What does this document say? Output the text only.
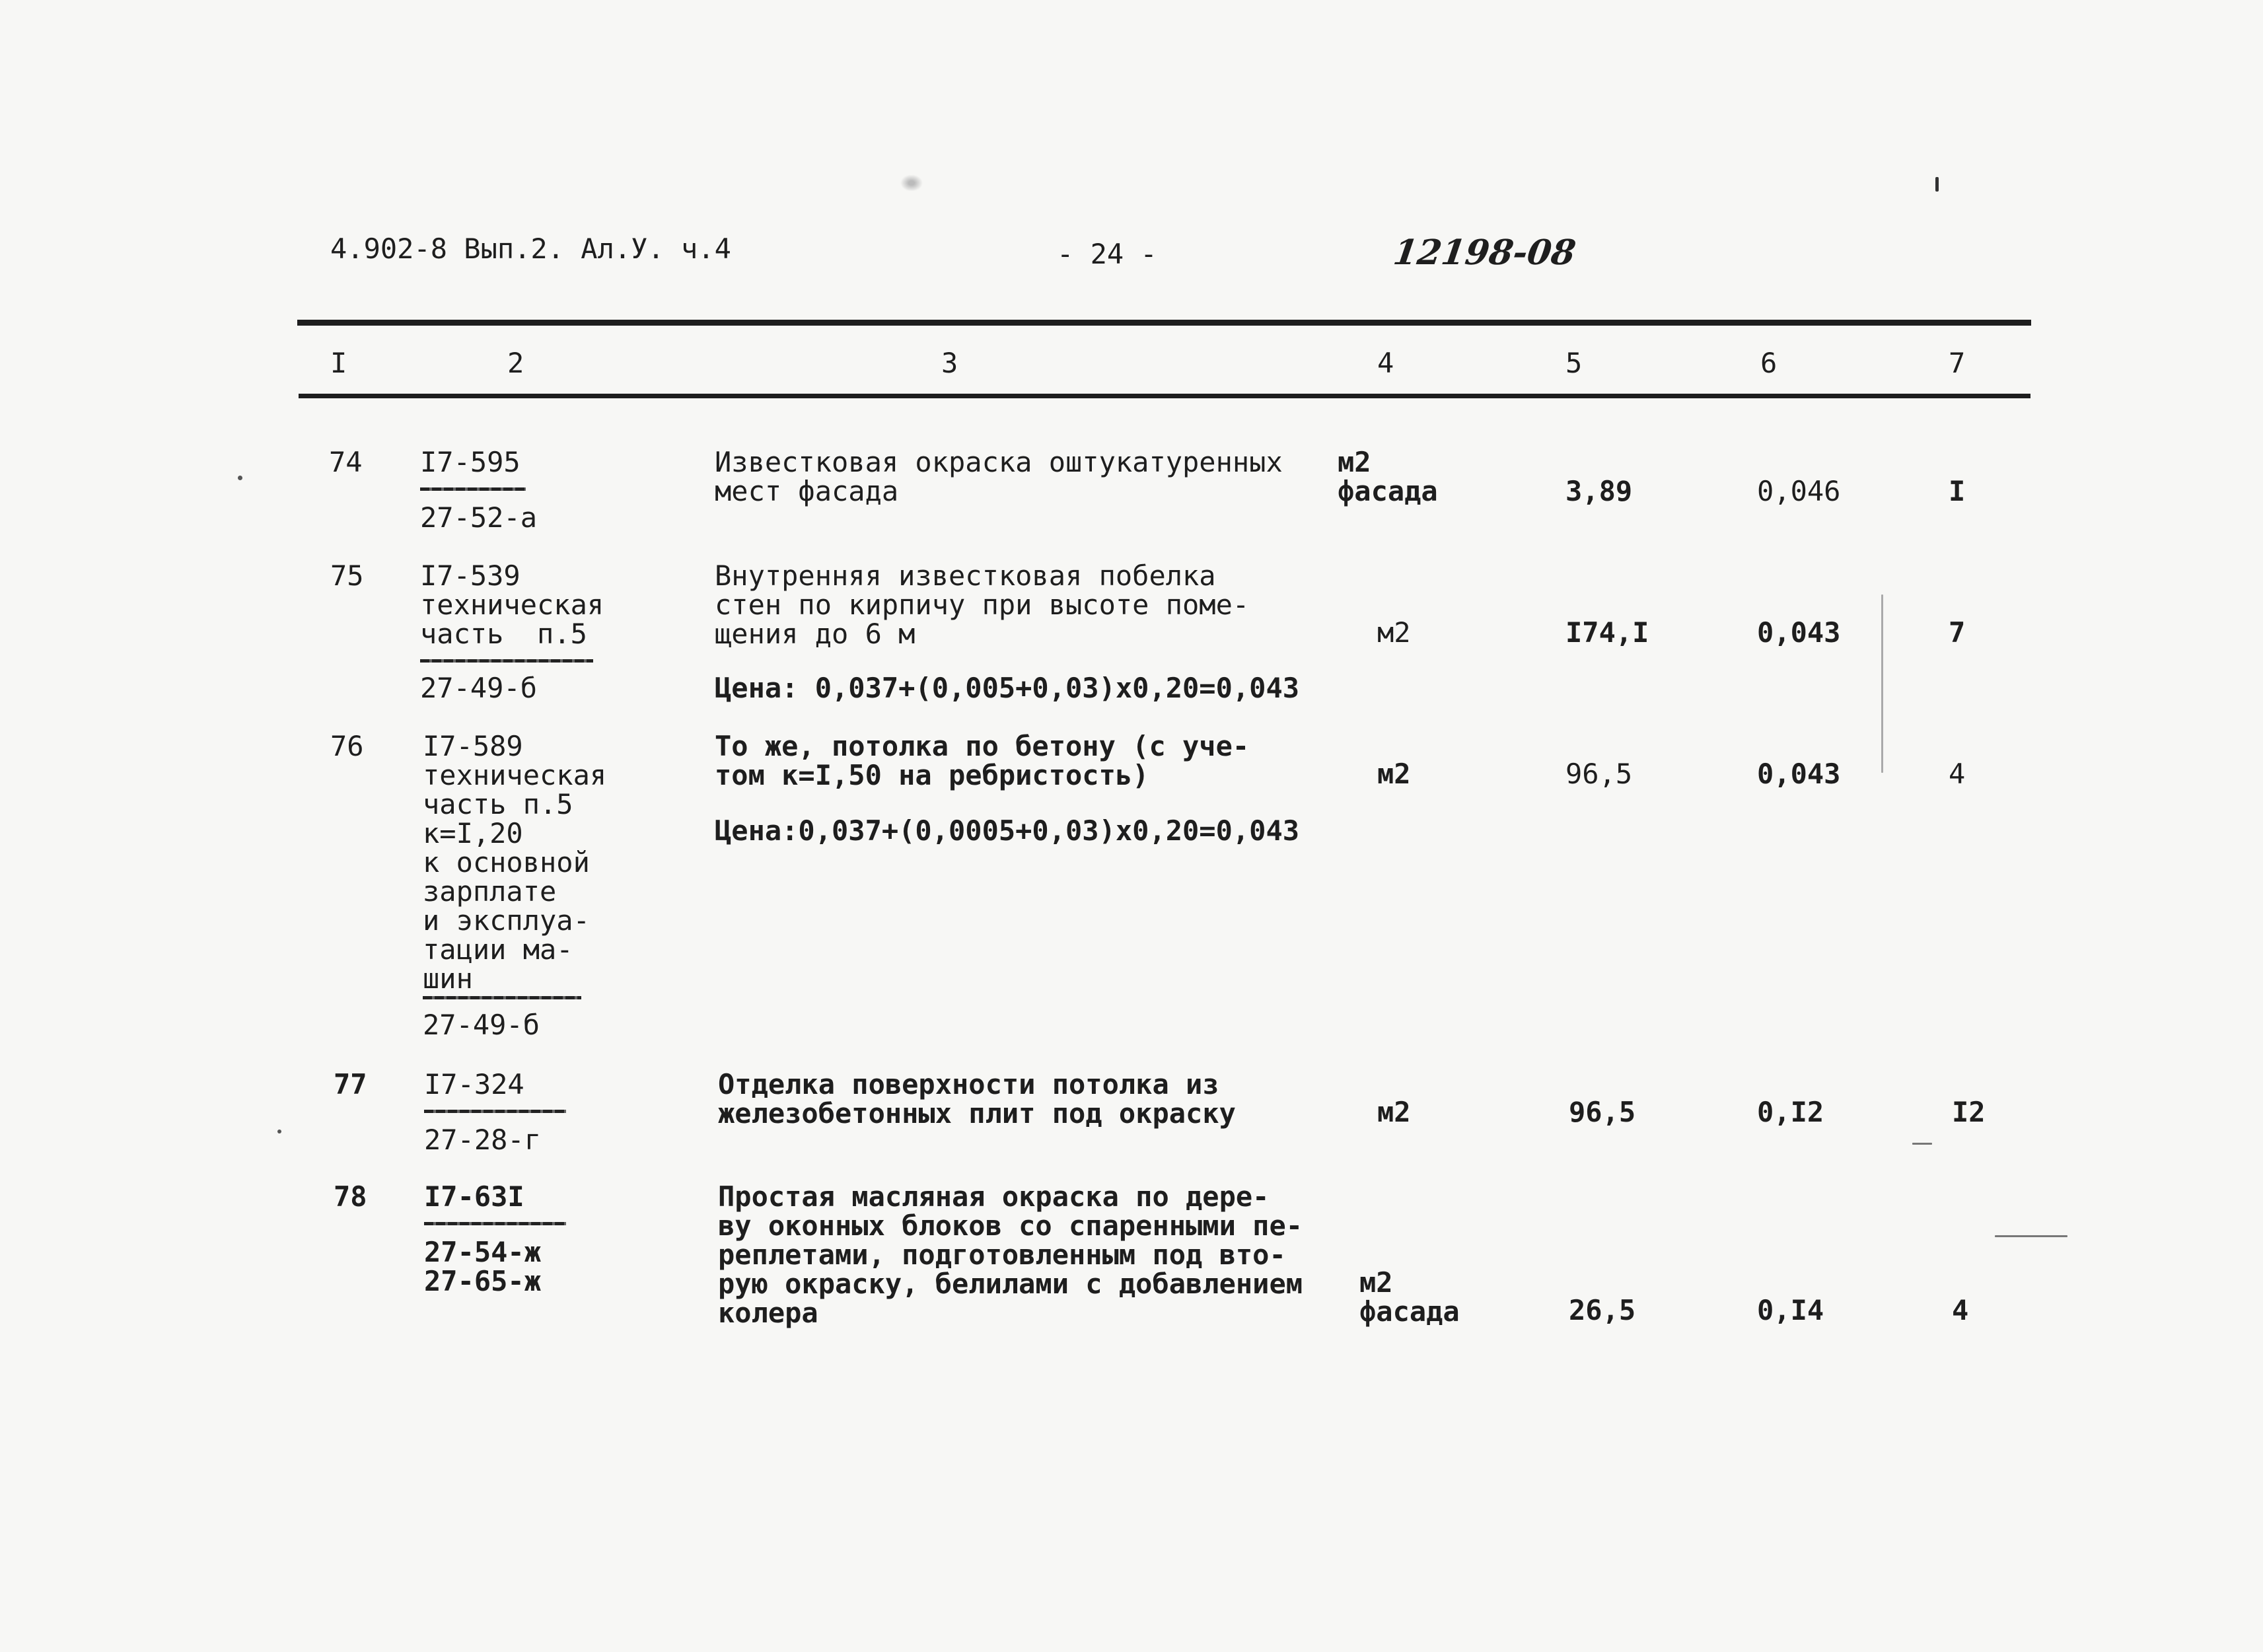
4.902-8 Вып.2. Ал.У. ч.4	- 24 -	12198-08
I	2	3	4	5	6	7
74 I7-595
27-52-а
Известковая окраска оштукатуренных
мест фасада
м2
фасада	3,89	0,046	I
75 I7-539
техническая
часть  п.5
27-49-б
Внутренняя известковая побелка
стен по кирпичу при высоте поме-
щения до 6 м
Цена: 0,037+(0,005+0,03)х0,20=0,043
м2	I74,I	0,043	7
76 I7-589
техническая
часть п.5
к=I,20
к основной
зарплате
и эксплуа-
тации ма-
шин
27-49-б
То же, потолка по бетону (с уче-
том к=I,50 на ребристость)
Цена:0,037+(0,0005+0,03)х0,20=0,043
м2	96,5	0,043	4
77 I7-324
27-28-г
Отделка поверхности потолка из
железобетонных плит под окраску	м2	96,5	0,I2	I2
78 I7-63I
27-54-ж
27-65-ж
Простая масляная окраска по дере-
ву оконных блоков со спаренными пе-
реплетами, подготовленным под вто-
рую окраску, белилами с добавлением
колера
м2
фасада	26,5	0,I4	4
